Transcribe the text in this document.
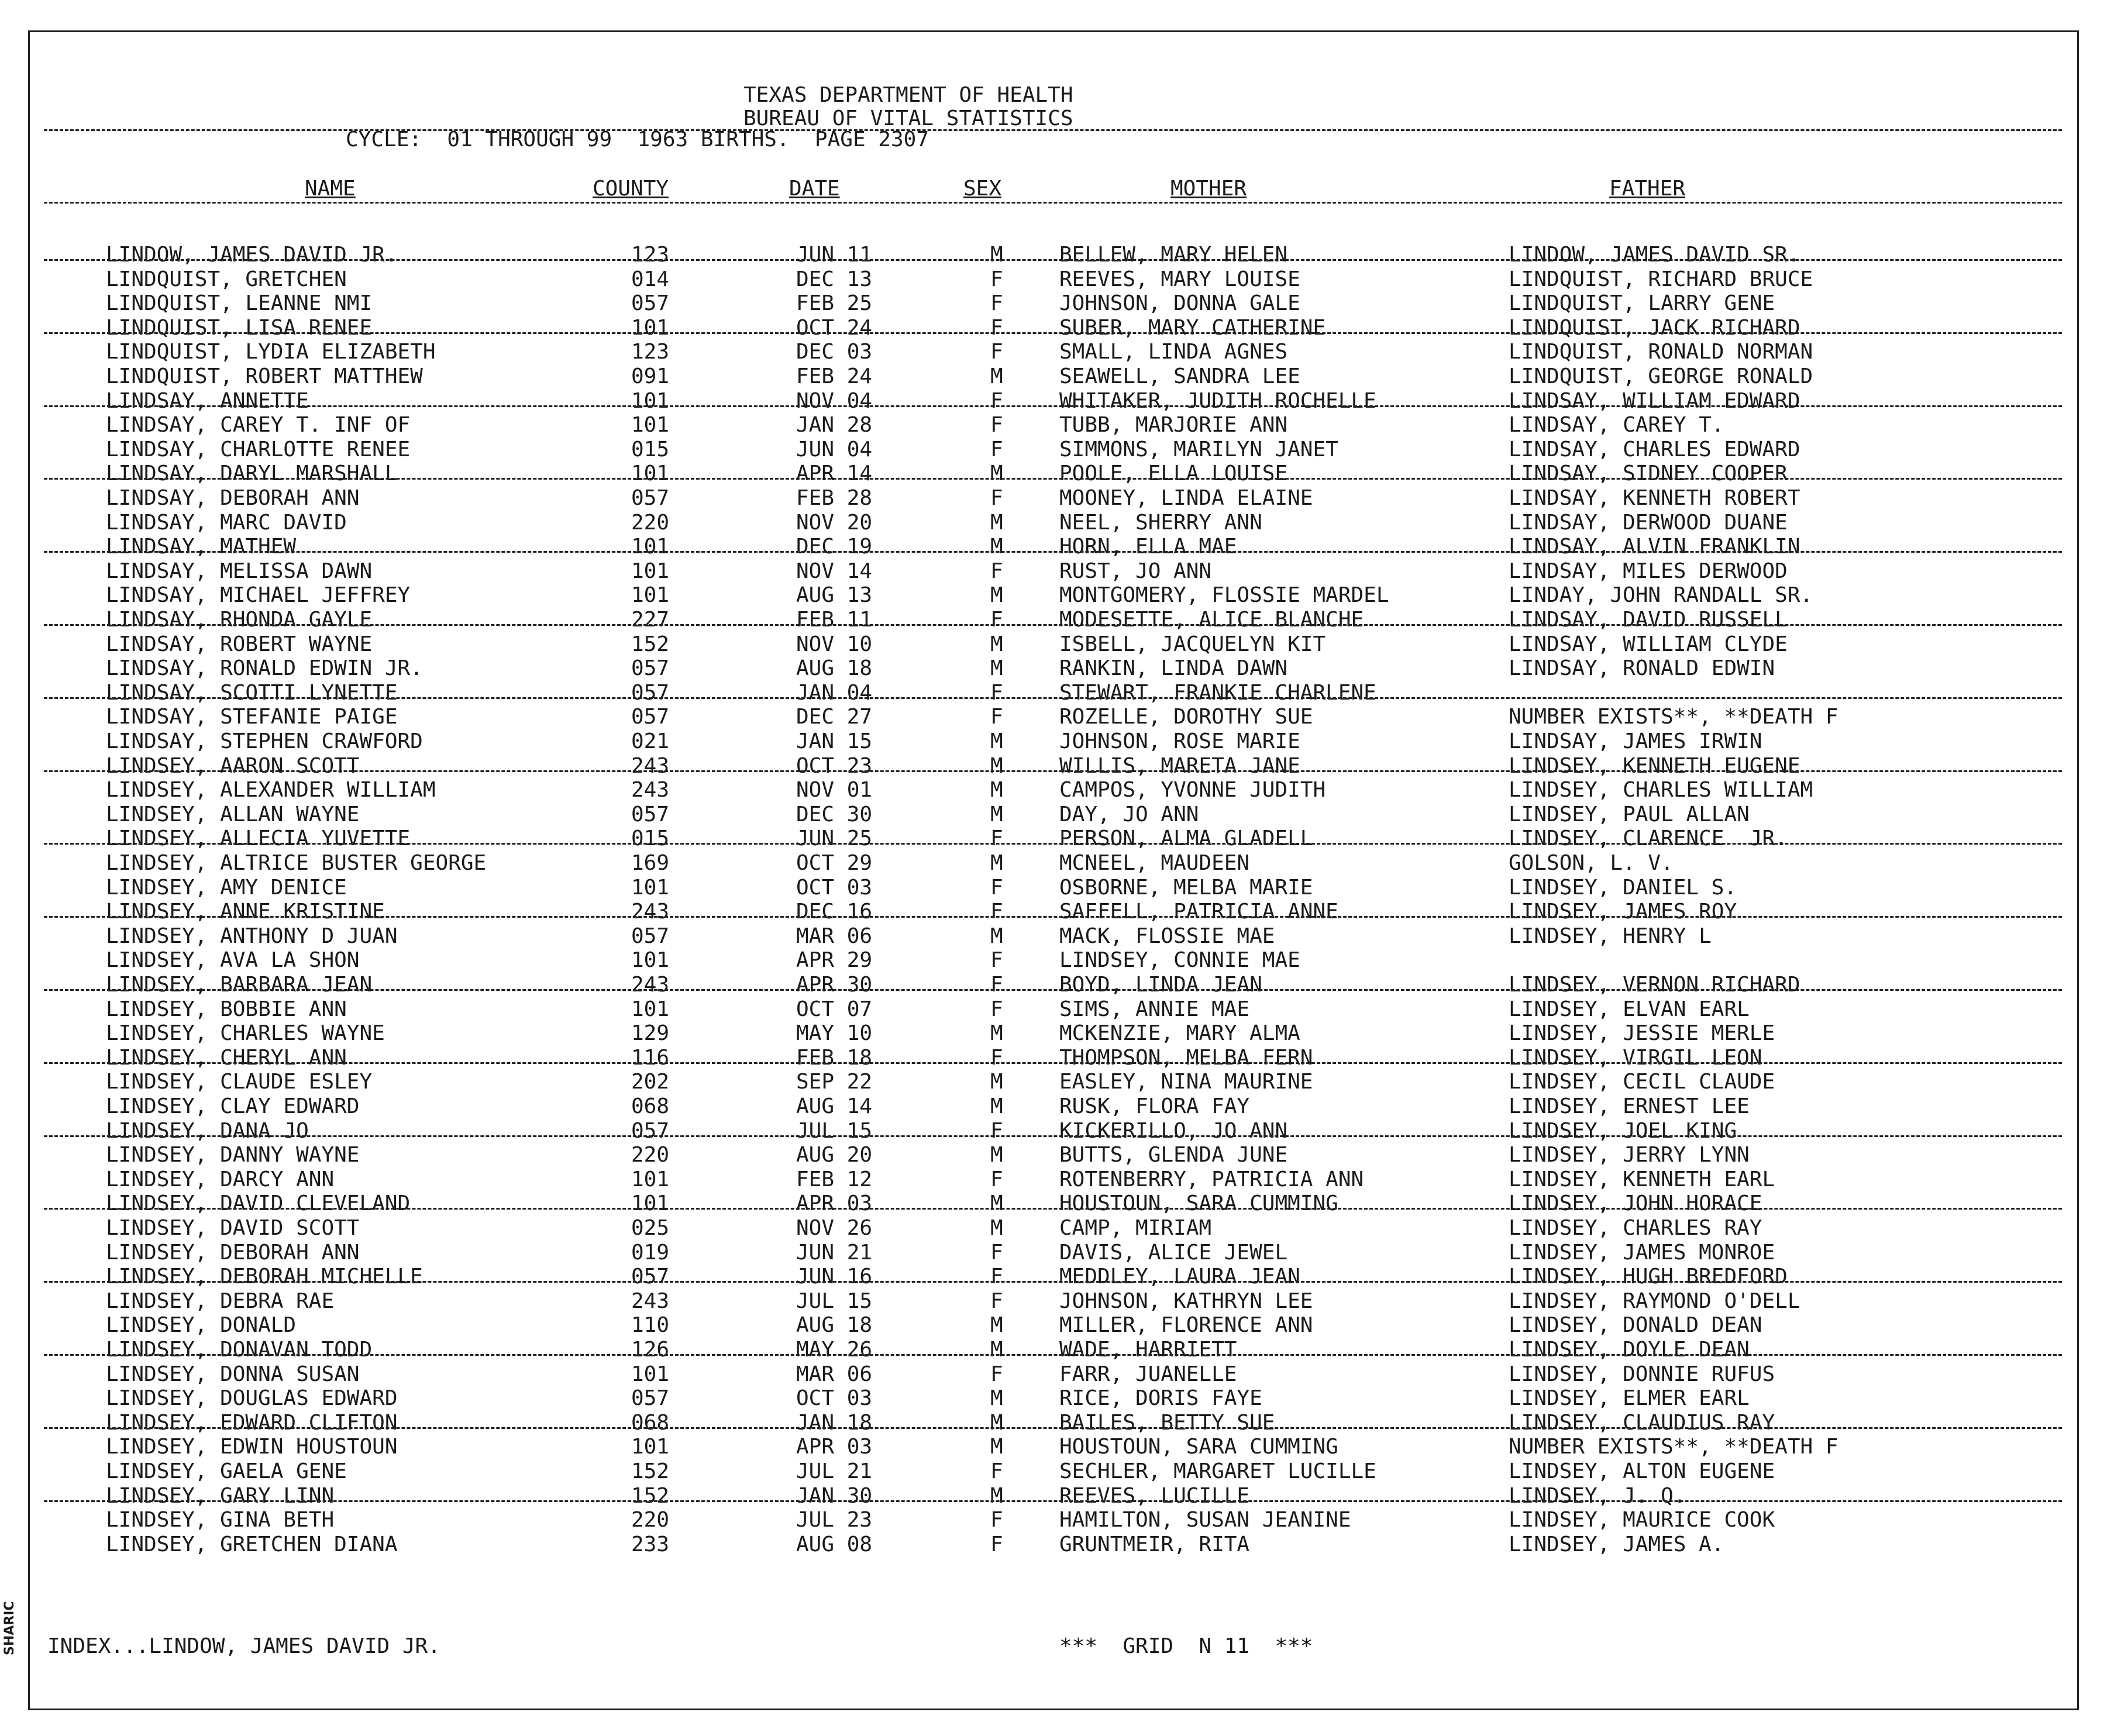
TEXAS DEPARTMENT OF HEALTH
BUREAU OF VITAL STATISTICS
CYCLE:  01 THROUGH 99  1963 BIRTHS.  PAGE 2307
NAME	COUNTY	DATE	SEX	MOTHER	FATHER
LINDOW, JAMES DAVID JR.	123	JUN 11	M	BELLEW, MARY HELEN	LINDOW, JAMES DAVID SR.
LINDQUIST, GRETCHEN	014	DEC 13	F	REEVES, MARY LOUISE	LINDQUIST, RICHARD BRUCE
LINDQUIST, LEANNE NMI	057	FEB 25	F	JOHNSON, DONNA GALE	LINDQUIST, LARRY GENE
LINDQUIST, LISA RENEE	101	OCT 24	F	SUBER, MARY CATHERINE	LINDQUIST, JACK RICHARD
LINDQUIST, LYDIA ELIZABETH	123	DEC 03	F	SMALL, LINDA AGNES	LINDQUIST, RONALD NORMAN
LINDQUIST, ROBERT MATTHEW	091	FEB 24	M	SEAWELL, SANDRA LEE	LINDQUIST, GEORGE RONALD
LINDSAY, ANNETTE	101	NOV 04	F	WHITAKER, JUDITH ROCHELLE	LINDSAY, WILLIAM EDWARD
LINDSAY, CAREY T. INF OF	101	JAN 28	F	TUBB, MARJORIE ANN	LINDSAY, CAREY T.
LINDSAY, CHARLOTTE RENEE	015	JUN 04	F	SIMMONS, MARILYN JANET	LINDSAY, CHARLES EDWARD
LINDSAY, DARYL MARSHALL	101	APR 14	M	POOLE, ELLA LOUISE	LINDSAY, SIDNEY COOPER
LINDSAY, DEBORAH ANN	057	FEB 28	F	MOONEY, LINDA ELAINE	LINDSAY, KENNETH ROBERT
LINDSAY, MARC DAVID	220	NOV 20	M	NEEL, SHERRY ANN	LINDSAY, DERWOOD DUANE
LINDSAY, MATHEW	101	DEC 19	M	HORN, ELLA MAE	LINDSAY, ALVIN FRANKLIN
LINDSAY, MELISSA DAWN	101	NOV 14	F	RUST, JO ANN	LINDSAY, MILES DERWOOD
LINDSAY, MICHAEL JEFFREY	101	AUG 13	M	MONTGOMERY, FLOSSIE MARDEL	LINDAY, JOHN RANDALL SR.
LINDSAY, RHONDA GAYLE	227	FEB 11	F	MODESETTE, ALICE BLANCHE	LINDSAY, DAVID RUSSELL
LINDSAY, ROBERT WAYNE	152	NOV 10	M	ISBELL, JACQUELYN KIT	LINDSAY, WILLIAM CLYDE
LINDSAY, RONALD EDWIN JR.	057	AUG 18	M	RANKIN, LINDA DAWN	LINDSAY, RONALD EDWIN
LINDSAY, SCOTTI LYNETTE	057	JAN 04	F	STEWART, FRANKIE CHARLENE
LINDSAY, STEFANIE PAIGE	057	DEC 27	F	ROZELLE, DOROTHY SUE	NUMBER EXISTS**, **DEATH F
LINDSAY, STEPHEN CRAWFORD	021	JAN 15	M	JOHNSON, ROSE MARIE	LINDSAY, JAMES IRWIN
LINDSEY, AARON SCOTT	243	OCT 23	M	WILLIS, MARETA JANE	LINDSEY, KENNETH EUGENE
LINDSEY, ALEXANDER WILLIAM	243	NOV 01	M	CAMPOS, YVONNE JUDITH	LINDSEY, CHARLES WILLIAM
LINDSEY, ALLAN WAYNE	057	DEC 30	M	DAY, JO ANN	LINDSEY, PAUL ALLAN
LINDSEY, ALLECIA YUVETTE	015	JUN 25	F	PERSON, ALMA GLADELL	LINDSEY, CLARENCE  JR.
LINDSEY, ALTRICE BUSTER GEORGE	169	OCT 29	M	MCNEEL, MAUDEEN	GOLSON, L. V.
LINDSEY, AMY DENICE	101	OCT 03	F	OSBORNE, MELBA MARIE	LINDSEY, DANIEL S.
LINDSEY, ANNE KRISTINE	243	DEC 16	F	SAFFELL, PATRICIA ANNE	LINDSEY, JAMES ROY
LINDSEY, ANTHONY D JUAN	057	MAR 06	M	MACK, FLOSSIE MAE	LINDSEY, HENRY L
LINDSEY, AVA LA SHON	101	APR 29	F	LINDSEY, CONNIE MAE
LINDSEY, BARBARA JEAN	243	APR 30	F	BOYD, LINDA JEAN	LINDSEY, VERNON RICHARD
LINDSEY, BOBBIE ANN	101	OCT 07	F	SIMS, ANNIE MAE	LINDSEY, ELVAN EARL
LINDSEY, CHARLES WAYNE	129	MAY 10	M	MCKENZIE, MARY ALMA	LINDSEY, JESSIE MERLE
LINDSEY, CHERYL ANN	116	FEB 18	F	THOMPSON, MELBA FERN	LINDSEY, VIRGIL LEON
LINDSEY, CLAUDE ESLEY	202	SEP 22	M	EASLEY, NINA MAURINE	LINDSEY, CECIL CLAUDE
LINDSEY, CLAY EDWARD	068	AUG 14	M	RUSK, FLORA FAY	LINDSEY, ERNEST LEE
LINDSEY, DANA JO	057	JUL 15	F	KICKERILLO, JO ANN	LINDSEY, JOEL KING
LINDSEY, DANNY WAYNE	220	AUG 20	M	BUTTS, GLENDA JUNE	LINDSEY, JERRY LYNN
LINDSEY, DARCY ANN	101	FEB 12	F	ROTENBERRY, PATRICIA ANN	LINDSEY, KENNETH EARL
LINDSEY, DAVID CLEVELAND	101	APR 03	M	HOUSTOUN, SARA CUMMING	LINDSEY, JOHN HORACE
LINDSEY, DAVID SCOTT	025	NOV 26	M	CAMP, MIRIAM	LINDSEY, CHARLES RAY
LINDSEY, DEBORAH ANN	019	JUN 21	F	DAVIS, ALICE JEWEL	LINDSEY, JAMES MONROE
LINDSEY, DEBORAH MICHELLE	057	JUN 16	F	MEDDLEY, LAURA JEAN	LINDSEY, HUGH BREDFORD
LINDSEY, DEBRA RAE	243	JUL 15	F	JOHNSON, KATHRYN LEE	LINDSEY, RAYMOND O'DELL
LINDSEY, DONALD	110	AUG 18	M	MILLER, FLORENCE ANN	LINDSEY, DONALD DEAN
LINDSEY, DONAVAN TODD	126	MAY 26	M	WADE, HARRIETT	LINDSEY, DOYLE DEAN
LINDSEY, DONNA SUSAN	101	MAR 06	F	FARR, JUANELLE	LINDSEY, DONNIE RUFUS
LINDSEY, DOUGLAS EDWARD	057	OCT 03	M	RICE, DORIS FAYE	LINDSEY, ELMER EARL
LINDSEY, EDWARD CLIFTON	068	JAN 18	M	BAILES, BETTY SUE	LINDSEY, CLAUDIUS RAY
LINDSEY, EDWIN HOUSTOUN	101	APR 03	M	HOUSTOUN, SARA CUMMING	NUMBER EXISTS**, **DEATH F
LINDSEY, GAELA GENE	152	JUL 21	F	SECHLER, MARGARET LUCILLE	LINDSEY, ALTON EUGENE
LINDSEY, GARY LINN	152	JAN 30	M	REEVES, LUCILLE	LINDSEY, J. Q.
LINDSEY, GINA BETH	220	JUL 23	F	HAMILTON, SUSAN JEANINE	LINDSEY, MAURICE COOK
LINDSEY, GRETCHEN DIANA	233	AUG 08	F	GRUNTMEIR, RITA	LINDSEY, JAMES A.
INDEX...LINDOW, JAMES DAVID JR.	***  GRID  N 11  ***
SHARIC
